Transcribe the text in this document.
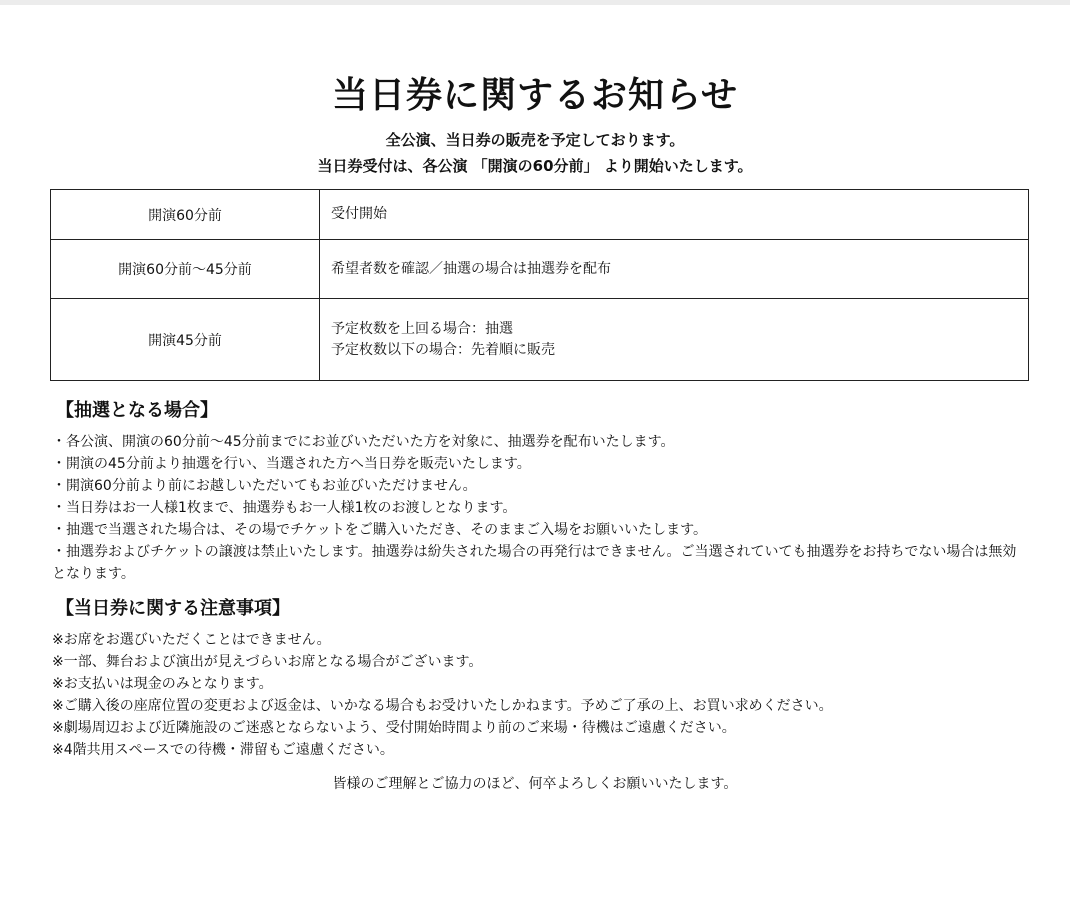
当日券に関するお知らせ
全公演、当日券の販売を予定しております。
当日券受付は、各公演 「開演の60分前」 より開始いたします。
開演60分前	受付開始

開演60分前〜45分前	希望者数を確認／抽選の場合は抽選券を配布

開演45分前	予定枚数を上回る場合：抽選
予定枚数以下の場合：先着順に販売
【抽選となる場合】
・各公演、開演の60分前〜45分前までにお並びいただいた方を対象に、抽選券を配布いたします。
・開演の45分前より抽選を行い、当選された方へ当日券を販売いたします。
・開演60分前より前にお越しいただいてもお並びいただけません。
・当日券はお一人様1枚まで、抽選券もお一人様1枚のお渡しとなります。
・抽選で当選された場合は、その場でチケットをご購入いただき、そのままご入場をお願いいたします。
・抽選券およびチケットの譲渡は禁止いたします。抽選券は紛失された場合の再発行はできません。ご当選されていても抽選券をお持ちでない場合は無効となります。
【当日券に関する注意事項】
※お席をお選びいただくことはできません。
※一部、舞台および演出が見えづらいお席となる場合がございます。
※お支払いは現金のみとなります。
※ご購入後の座席位置の変更および返金は、いかなる場合もお受けいたしかねます。予めご了承の上、お買い求めください。
※劇場周辺および近隣施設のご迷惑とならないよう、受付開始時間より前のご来場・待機はご遠慮ください。
※4階共用スペースでの待機・滞留もご遠慮ください。
皆様のご理解とご協力のほど、何卒よろしくお願いいたします。
